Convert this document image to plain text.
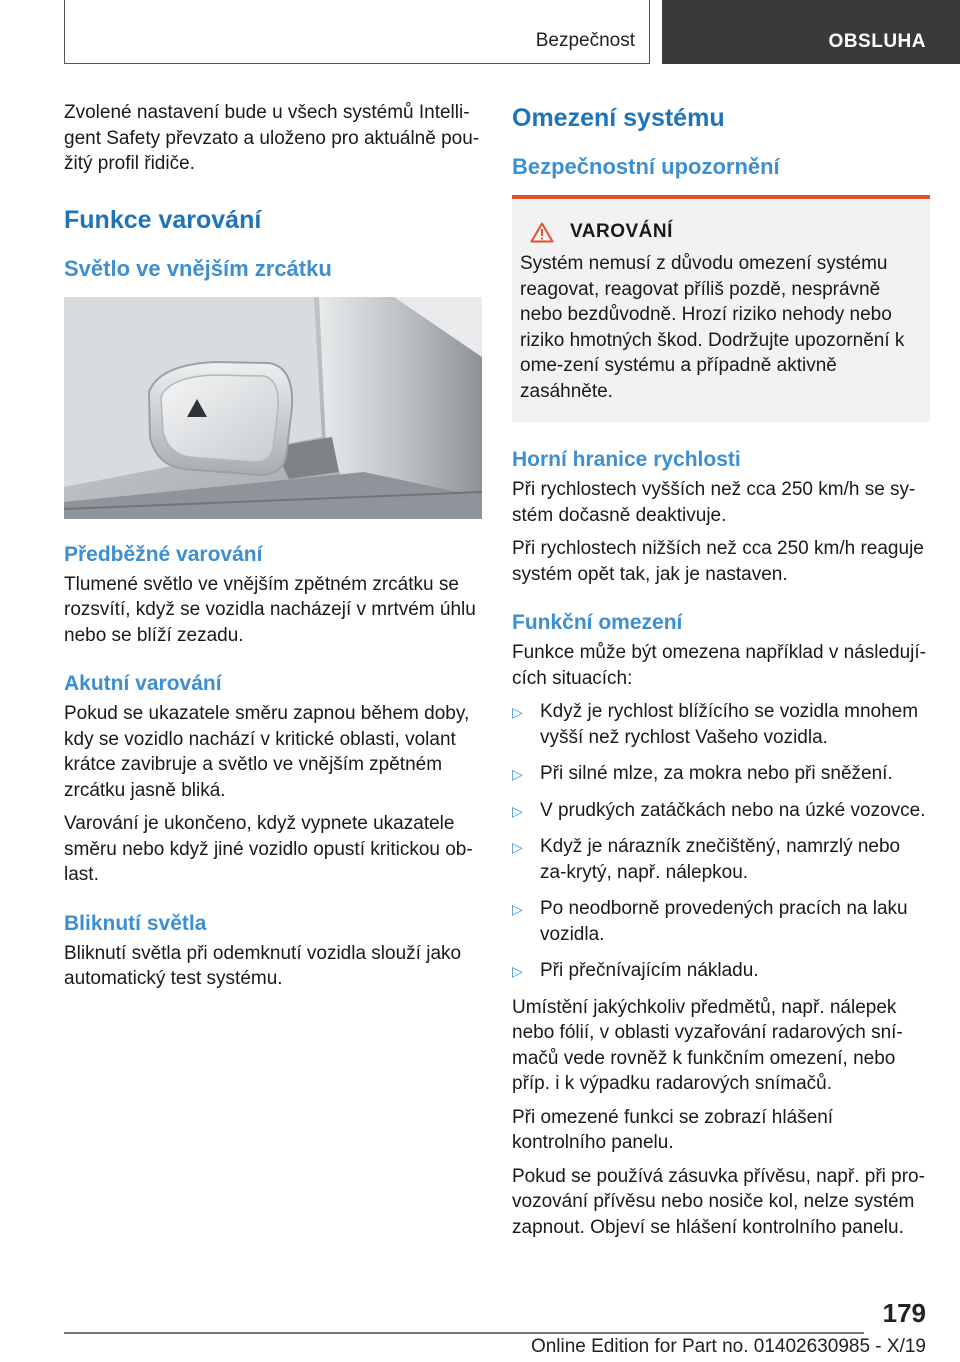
Bezpečnost	OBSLUHA

Zvolené nastavení bude u všech systémů Intelli-gent Safety převzato a uloženo pro aktuálně pou-žitý profil řidiče.

Funkce varování
Světlo ve vnějším zrcátku
Předběžné varování

Tlumené světlo ve vnějším zpětném zrcátku se rozsvítí, když se vozidla nacházejí v mrtvém úhlu nebo se blíží zezadu.

Akutní varování

Pokud se ukazatele směru zapnou během doby, kdy se vozidlo nachází v kritické oblasti, volant krátce zavibruje a světlo ve vnějším zpětném zrcátku jasně bliká.

Varování je ukončeno, když vypnete ukazatele směru nebo když jiné vozidlo opustí kritickou ob-last.

Bliknutí světla

Bliknutí světla při odemknutí vozidla slouží jako automatický test systému.

Omezení systému
Bezpečnostní upozornění
VAROVÁNÍ

Systém nemusí z důvodu omezení systému reagovat, reagovat příliš pozdě, nesprávně nebo bezdůvodně. Hrozí riziko nehody nebo riziko hmotných škod. Dodržujte upozornění k ome-zení systému a případně aktivně zasáhněte.

Horní hranice rychlosti

Při rychlostech vyšších než cca 250 km/h se sy-stém dočasně deaktivuje.

Při rychlostech nižších než cca 250 km/h reaguje systém opět tak, jak je nastaven.

Funkční omezení

Funkce může být omezena například v následují-cích situacích:

▷ Když je rychlost blížícího se vozidla mnohem vyšší než rychlost Vašeho vozidla.
▷ Při silné mlze, za mokra nebo při sněžení.
▷ V prudkých zatáčkách nebo na úzké vozovce.
▷ Když je nárazník znečištěný, namrzlý nebo za-krytý, např. nálepkou.
▷ Po neodborně provedených pracích na laku vozidla.
▷ Při přečnívajícím nákladu.

Umístění jakýchkoliv předmětů, např. nálepek nebo fólií, v oblasti vyzařování radarových sní-mačů vede rovněž k funkčním omezení, nebo příp. i k výpadku radarových snímačů.

Při omezené funkci se zobrazí hlášení kontrolního panelu.

Pokud se používá zásuvka přívěsu, např. při pro-vozování přívěsu nebo nosiče kol, nelze systém zapnout. Objeví se hlášení kontrolního panelu.

179
Online Edition for Part no. 01402630985 - X/19
